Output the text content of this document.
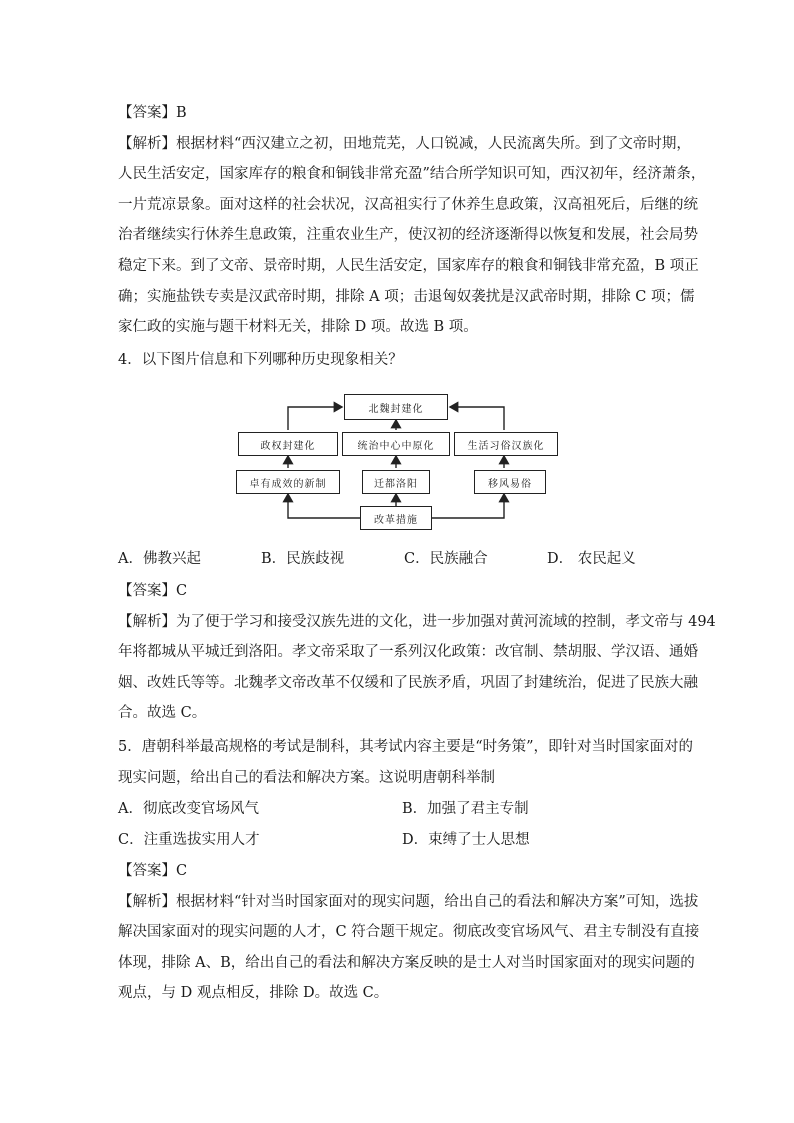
【答案】B
【解析】根据材料“西汉建立之初，田地荒芜，人口锐减，人民流离失所。到了文帝时期，
人民生活安定，国家库存的粮食和铜钱非常充盈”结合所学知识可知，西汉初年，经济萧条，
一片荒凉景象。面对这样的社会状况，汉高祖实行了休养生息政策，汉高祖死后，后继的统
治者继续实行休养生息政策，注重农业生产，使汉初的经济逐渐得以恢复和发展，社会局势
稳定下来。到了文帝、景帝时期，人民生活安定，国家库存的粮食和铜钱非常充盈，B 项正
确；实施盐铁专卖是汉武帝时期，排除 A 项；击退匈奴袭扰是汉武帝时期，排除 C 项；儒
家仁政的实施与题干材料无关，排除 D 项。故选 B 项。
4．以下图片信息和下列哪种历史现象相关？
北魏封建化
政权封建化	统治中心中原化	生活习俗汉族化
卓有成效的新制	迁都洛阳	移风易俗
改革措施
A．佛教兴起	B．民族歧视	C．民族融合	D． 农民起义
【答案】C
【解析】为了便于学习和接受汉族先进的文化，进一步加强对黄河流域的控制，孝文帝与 494
年将都城从平城迁到洛阳。孝文帝采取了一系列汉化政策：改官制、禁胡服、学汉语、通婚
姻、改姓氏等等。北魏孝文帝改革不仅缓和了民族矛盾，巩固了封建统治，促进了民族大融
合。故选 C。
5．唐朝科举最高规格的考试是制科，其考试内容主要是“时务策”，即针对当时国家面对的
现实问题，给出自己的看法和解决方案。这说明唐朝科举制
A．彻底改变官场风气	B．加强了君主专制
C．注重选拔实用人才	D．束缚了士人思想
【答案】C
【解析】根据材料“针对当时国家面对的现实问题，给出自己的看法和解决方案”可知，选拔
解决国家面对的现实问题的人才，C 符合题干规定。彻底改变官场风气、君主专制没有直接
体现，排除 A、B，给出自己的看法和解决方案反映的是士人对当时国家面对的现实问题的
观点，与 D 观点相反，排除 D。故选 C。
